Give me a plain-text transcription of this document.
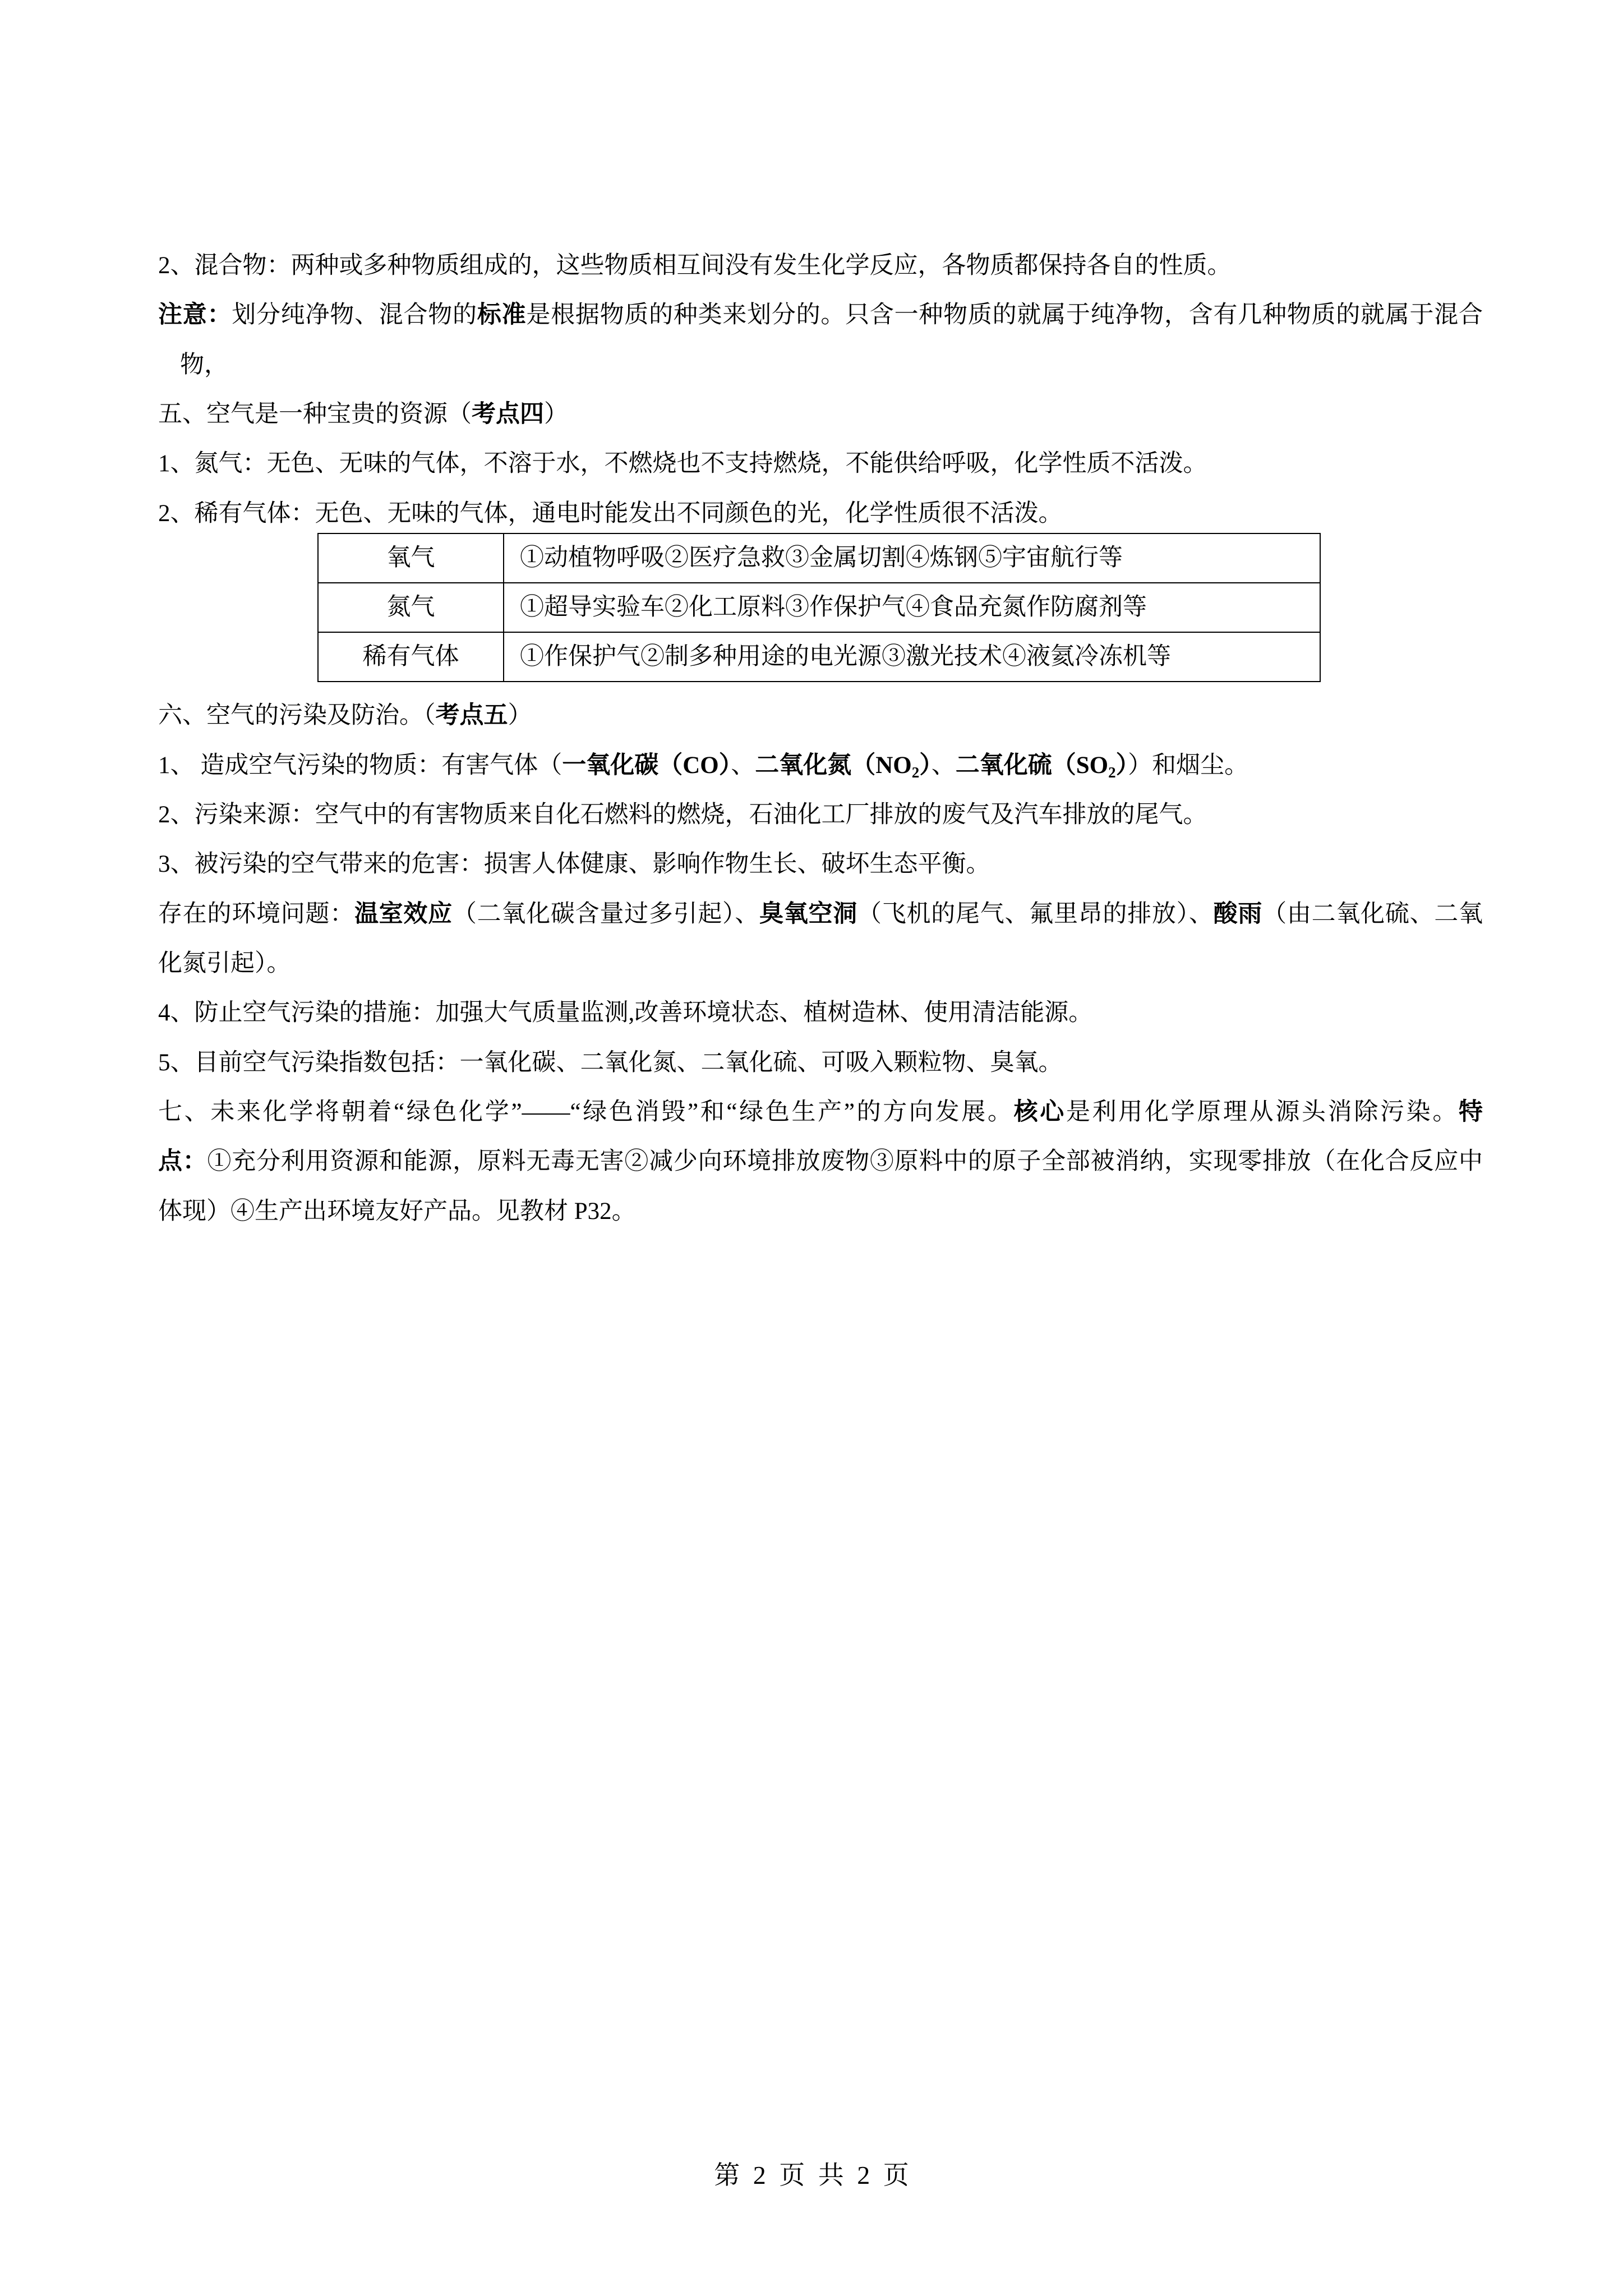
2、混合物：两种或多种物质组成的，这些物质相互间没有发生化学反应，各物质都保持各自的性质。
注意：划分纯净物、混合物的标准是根据物质的种类来划分的。只含一种物质的就属于纯净物，含有几种物质的就属于混合
物，
五、空气是一种宝贵的资源（考点四）
1、氮气：无色、无味的气体，不溶于水，不燃烧也不支持燃烧，不能供给呼吸，化学性质不活泼。
2、稀有气体：无色、无味的气体，通电时能发出不同颜色的光，化学性质很不活泼。
氧气	①动植物呼吸②医疗急救③金属切割④炼钢⑤宇宙航行等
氮气	①超导实验车②化工原料③作保护气④食品充氮作防腐剂等
稀有气体	①作保护气②制多种用途的电光源③激光技术④液氦冷冻机等
六、空气的污染及防治。（考点五）
1、 造成空气污染的物质：有害气体（一氧化碳（CO）、二氧化氮$(NO_2)$、二氧化硫$(SO_2)$）和烟尘。
2、污染来源：空气中的有害物质来自化石燃料的燃烧，石油化工厂排放的废气及汽车排放的尾气。
3、被污染的空气带来的危害：损害人体健康、影响作物生长、破坏生态平衡。
存在的环境问题：温室效应（二氧化碳含量过多引起）、臭氧空洞（飞机的尾气、氟里昂的排放）、酸雨（由二氧化硫、二氧
化氮引起）。
4、防止空气污染的措施：加强大气质量监测,改善环境状态、植树造林、使用清洁能源。
5、目前空气污染指数包括：一氧化碳、二氧化氮、二氧化硫、可吸入颗粒物、臭氧。
七、未来化学将朝着“绿色化学”——“绿色消毁”和“绿色生产”的方向发展。核心是利用化学原理从源头消除污染。特
点：①充分利用资源和能源，原料无毒无害②减少向环境排放废物③原料中的原子全部被消纳，实现零排放（在化合反应中
体现）④生产出环境友好产品。见教材 P32。
第 2 页 共 2 页
